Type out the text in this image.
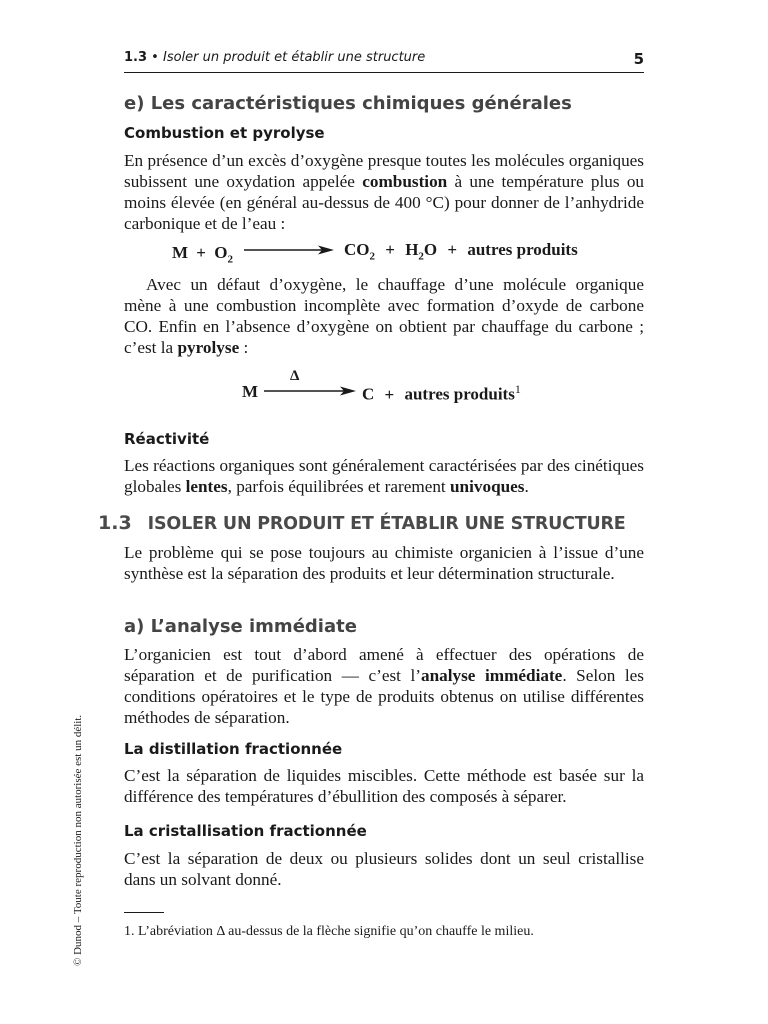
1.3 • Isoler un produit et établir une structure	5
e) Les caractéristiques chimiques générales
Combustion et pyrolyse
En présence d’un excès d’oxygène presque toutes les molécules organiques subissent une oxydation appelée combustion à une température plus ou moins élevée (en général au-dessus de 400 °C) pour donner de l’anhydride carbonique et de l’eau :
$M + O_2$
$CO_2 + H_2O$ + autres produits
Avec un défaut d’oxygène, le chauffage d’une molécule organique mène à une combustion incomplète avec formation d’oxyde de carbone CO. Enfin en l’absence d’oxygène on obtient par chauffage du carbone ; c’est la pyrolyse :
M
Δ
C + autres produits$^1$
Réactivité
Les réactions organiques sont généralement caractérisées par des cinétiques globales lentes, parfois équilibrées et rarement univoques.
1.3 ISOLER UN PRODUIT ET ÉTABLIR UNE STRUCTURE
Le problème qui se pose toujours au chimiste organicien à l’issue d’une synthèse est la séparation des produits et leur détermination structurale.
a) L’analyse immédiate
L’organicien est tout d’abord amené à effectuer des opérations de séparation et de purification — c’est l’analyse immédiate. Selon les conditions opératoires et le type de produits obtenus on utilise différentes méthodes de séparation.
La distillation fractionnée
C’est la séparation de liquides miscibles. Cette méthode est basée sur la différence des températures d’ébullition des composés à séparer.
La cristallisation fractionnée
C’est la séparation de deux ou plusieurs solides dont un seul cristallise dans un solvant donné.
1. L’abréviation Δ au-dessus de la flèche signifie qu’on chauffe le milieu.
© Dunod – Toute reproduction non autorisée est un délit.
